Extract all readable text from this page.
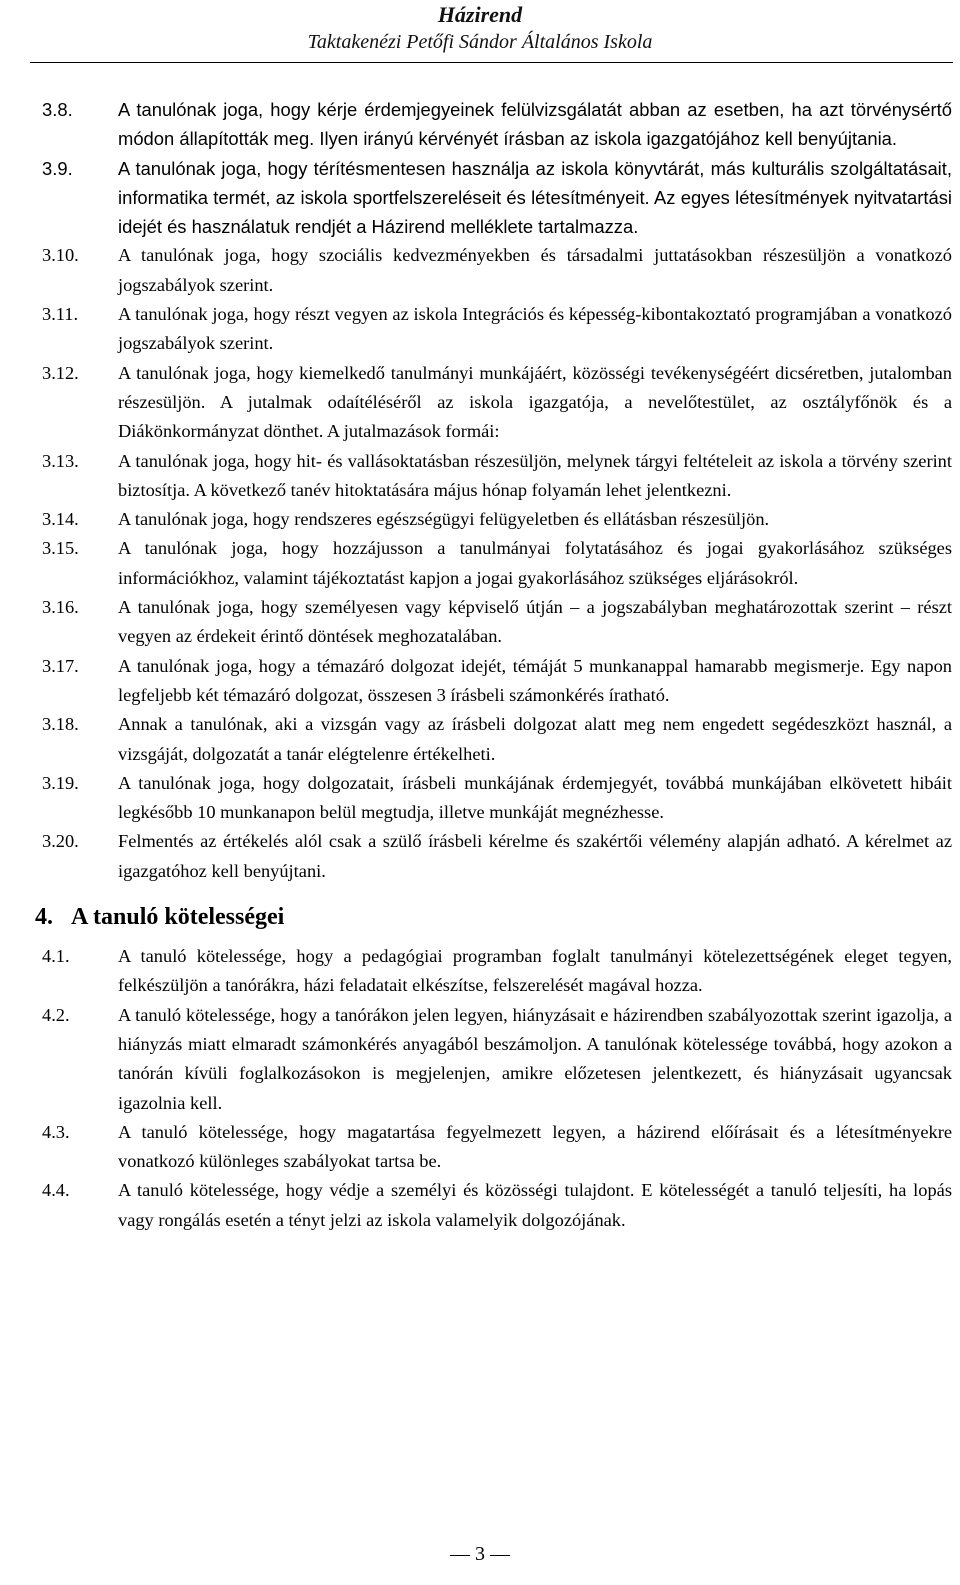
Házirend
Taktakenézi Petőfi Sándor Általános Iskola

3.8. A tanulónak joga, hogy kérje érdemjegyeinek felülvizsgálatát abban az esetben, ha azt törvénysértő módon állapították meg. Ilyen irányú kérvényét írásban az iskola igazgatójához kell benyújtania.

3.9. A tanulónak joga, hogy térítésmentesen használja az iskola könyvtárát, más kulturális szolgáltatásait, informatika termét, az iskola sportfelszereléseit és létesítményeit. Az egyes létesítmények nyitvatartási idejét és használatuk rendjét a Házirend melléklete tartalmazza.

3.10. A tanulónak joga, hogy szociális kedvezményekben és társadalmi juttatásokban részesüljön a vonatkozó jogszabályok szerint.

3.11. A tanulónak joga, hogy részt vegyen az iskola Integrációs és képesség-kibontakoztató programjában a vonatkozó jogszabályok szerint.

3.12. A tanulónak joga, hogy kiemelkedő tanulmányi munkájáért, közösségi tevékenységéért dicséretben, jutalomban részesüljön. A jutalmak odaítéléséről az iskola igazgatója, a nevelőtestület, az osztályfőnök és a Diákönkormányzat dönthet. A jutalmazások formái:

3.13. A tanulónak joga, hogy hit- és vallásoktatásban részesüljön, melynek tárgyi feltételeit az iskola a törvény szerint biztosítja. A következő tanév hitoktatására május hónap folyamán lehet jelentkezni.

3.14. A tanulónak joga, hogy rendszeres egészségügyi felügyeletben és ellátásban részesüljön.

3.15. A tanulónak joga, hogy hozzájusson a tanulmányai folytatásához és jogai gyakorlásához szükséges információkhoz, valamint tájékoztatást kapjon a jogai gyakorlásához szükséges eljárásokról.

3.16. A tanulónak joga, hogy személyesen vagy képviselő útján – a jogszabályban meghatározottak szerint – részt vegyen az érdekeit érintő döntések meghozatalában.

3.17. A tanulónak joga, hogy a témazáró dolgozat idejét, témáját 5 munkanappal hamarabb megismerje. Egy napon legfeljebb két témazáró dolgozat, összesen 3 írásbeli számonkérés íratható.

3.18. Annak a tanulónak, aki a vizsgán vagy az írásbeli dolgozat alatt meg nem engedett segédeszközt használ, a vizsgáját, dolgozatát a tanár elégtelenre értékelheti.

3.19. A tanulónak joga, hogy dolgozatait, írásbeli munkájának érdemjegyét, továbbá munkájában elkövetett hibáit legkésőbb 10 munkanapon belül megtudja, illetve munkáját megnézhesse.

3.20. Felmentés az értékelés alól csak a szülő írásbeli kérelme és szakértői vélemény alapján adható. A kérelmet az igazgatóhoz kell benyújtani.

4. A tanuló kötelességei

4.1.	A tanuló kötelessége, hogy a pedagógiai programban foglalt tanulmányi kötelezettségének eleget tegyen, felkészüljön a tanórákra, házi feladatait elkészítse, felszerelését magával hozza.

4.2.	A tanuló kötelessége, hogy a tanórákon jelen legyen, hiányzásait e házirendben szabályozottak szerint igazolja, a hiányzás miatt elmaradt számonkérés anyagából beszámoljon. A tanulónak kötelessége továbbá, hogy azokon a tanórán kívüli foglalkozásokon is megjelenjen, amikre előzetesen jelentkezett, és hiányzásait ugyancsak igazolnia kell.

4.3.	A tanuló kötelessége, hogy magatartása fegyelmezett legyen, a házirend előírásait és a létesítményekre vonatkozó különleges szabályokat tartsa be.

4.4.	A tanuló kötelessége, hogy védje a személyi és közösségi tulajdont. E kötelességét a tanuló teljesíti, ha lopás vagy rongálás esetén a tényt jelzi az iskola valamelyik dolgozójának.

— 3 —
